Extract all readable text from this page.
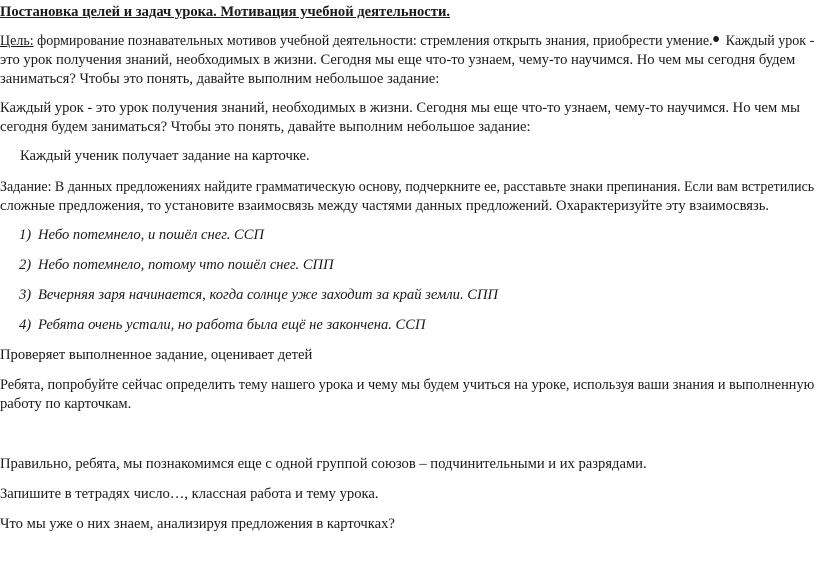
Постановка целей и задач урока. Мотивация учебной деятельности.
Цель: формирование познавательных мотивов учебной деятельности: стремления открыть знания, приобрести умение. Каждый урок -
это урок получения знаний, необходимых в жизни. Сегодня мы еще что-то узнаем, чему-то научимся. Но чем мы сегодня будем
заниматься? Чтобы это понять, давайте выполним небольшое задание:
Каждый урок - это урок получения знаний, необходимых в жизни. Сегодня мы еще что-то узнаем, чему-то научимся. Но чем мы
сегодня будем заниматься? Чтобы это понять, давайте выполним небольшое задание:
Каждый ученик получает задание на карточке.
Задание: В данных предложениях найдите грамматическую основу, подчеркните ее, расставьте знаки препинания. Если вам встретились
сложные предложения, то установите взаимосвязь между частями данных предложений. Охарактеризуйте эту взаимосвязь.
1) Небо потемнело, и пошёл снег. ССП
2) Небо потемнело, потому что пошёл снег. СПП
3) Вечерняя заря начинается, когда солнце уже заходит за край земли. СПП
4) Ребята очень устали, но работа была ещё не закончена. ССП
Проверяет выполненное задание, оценивает детей
Ребята, попробуйте сейчас определить тему нашего урока и чему мы будем учиться на уроке, используя ваши знания и выполненную
работу по карточкам.
Правильно, ребята, мы познакомимся еще с одной группой союзов – подчинительными и их разрядами.
Запишите в тетрадях число…, классная работа и тему урока.
Что мы уже о них знаем, анализируя предложения в карточках?
